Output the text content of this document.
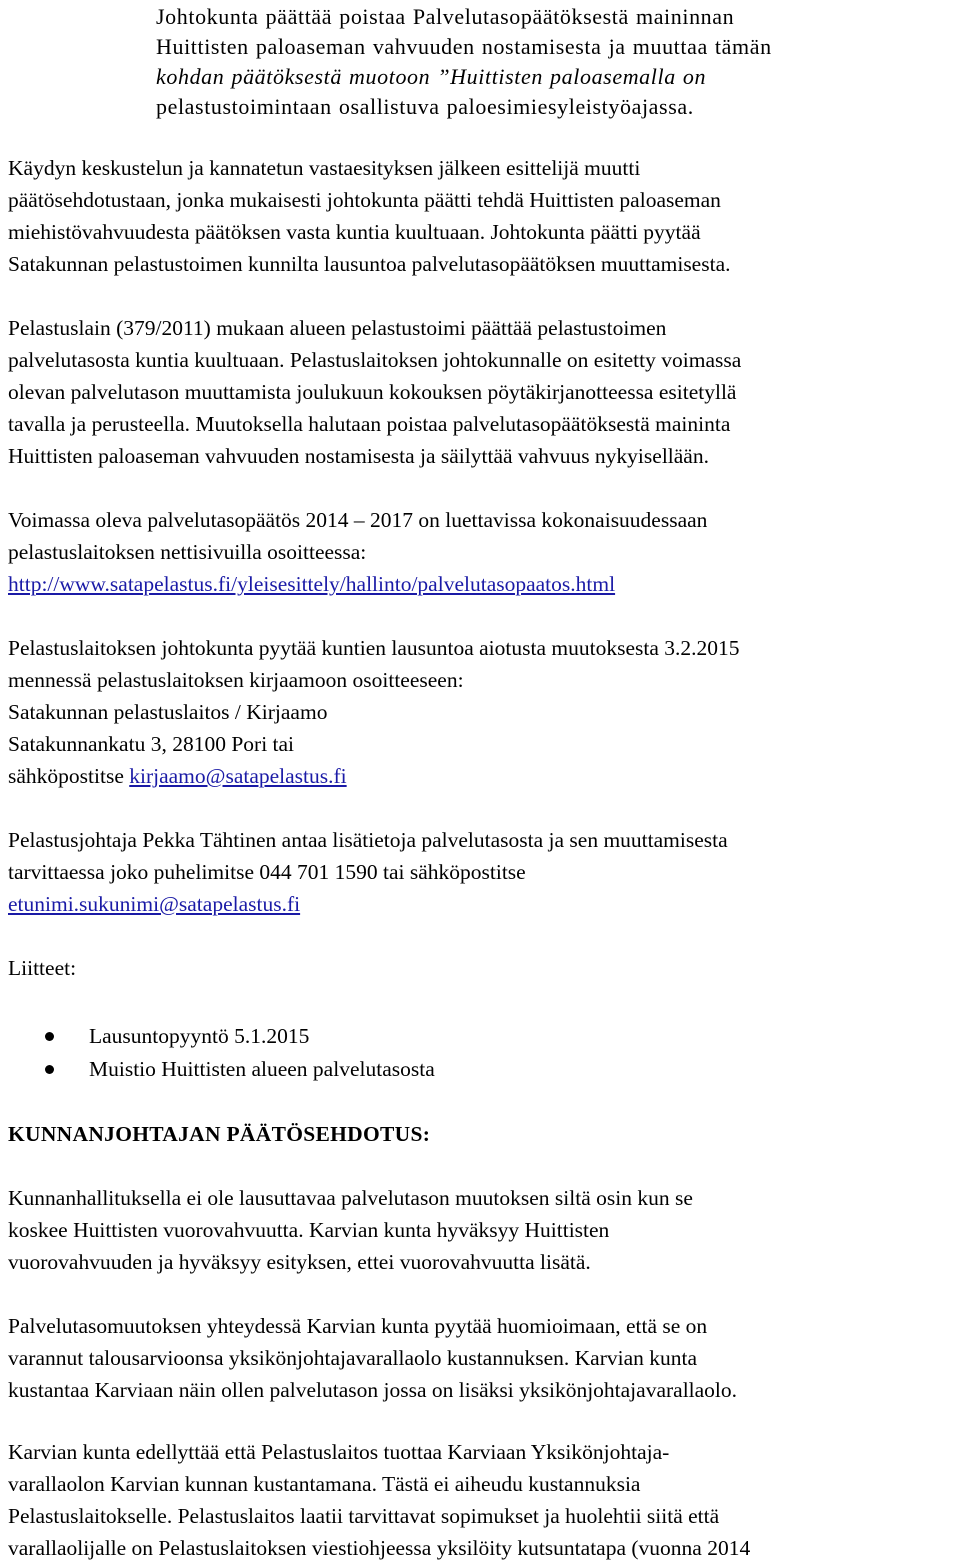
Johtokunta päättää poistaa Palvelutasopäätöksestä maininnan
Huittisten paloaseman vahvuuden nostamisesta ja muuttaa tämän
kohdan päätöksestä muotoon ”Huittisten paloasemalla on
pelastustoimintaan osallistuva paloesimiesyleistyöajassa.
Käydyn keskustelun ja kannatetun vastaesityksen jälkeen esittelijä muutti
päätösehdotustaan, jonka mukaisesti johtokunta päätti tehdä Huittisten paloaseman
miehistövahvuudesta päätöksen vasta kuntia kuultuaan. Johtokunta päätti pyytää
Satakunnan pelastustoimen kunnilta lausuntoa palvelutasopäätöksen muuttamisesta.
Pelastuslain (379/2011) mukaan alueen pelastustoimi päättää pelastustoimen
palvelutasosta kuntia kuultuaan. Pelastuslaitoksen johtokunnalle on esitetty voimassa
olevan palvelutason muuttamista joulukuun kokouksen pöytäkirjanotteessa esitetyllä
tavalla ja perusteella. Muutoksella halutaan poistaa palvelutasopäätöksestä maininta
Huittisten paloaseman vahvuuden nostamisesta ja säilyttää vahvuus nykyisellään.
Voimassa oleva palvelutasopäätös 2014 – 2017 on luettavissa kokonaisuudessaan
pelastuslaitoksen nettisivuilla osoitteessa:
http://www.satapelastus.fi/yleisesittely/hallinto/palvelutasopaatos.html
Pelastuslaitoksen johtokunta pyytää kuntien lausuntoa aiotusta muutoksesta 3.2.2015
mennessä pelastuslaitoksen kirjaamoon osoitteeseen:
Satakunnan pelastuslaitos / Kirjaamo
Satakunnankatu 3, 28100 Pori tai
sähköpostitse kirjaamo@satapelastus.fi
Pelastusjohtaja Pekka Tähtinen antaa lisätietoja palvelutasosta ja sen muuttamisesta
tarvittaessa joko puhelimitse 044 701 1590 tai sähköpostitse
etunimi.sukunimi@satapelastus.fi
Liitteet:
Lausuntopyyntö 5.1.2015
Muistio Huittisten alueen palvelutasosta
KUNNANJOHTAJAN PÄÄTÖSEHDOTUS:
Kunnanhallituksella ei ole lausuttavaa palvelutason muutoksen siltä osin kun se
koskee Huittisten vuorovahvuutta. Karvian kunta hyväksyy Huittisten
vuorovahvuuden ja hyväksyy esityksen, ettei vuorovahvuutta lisätä.
Palvelutasomuutoksen yhteydessä Karvian kunta pyytää huomioimaan, että se on
varannut talousarvioonsa yksikönjohtajavarallaolo kustannuksen. Karvian kunta
kustantaa Karviaan näin ollen palvelutason jossa on lisäksi yksikönjohtajavarallaolo.
Karvian kunta edellyttää että Pelastuslaitos tuottaa Karviaan Yksikönjohtaja-
varallaolon Karvian kunnan kustantamana. Tästä ei aiheudu kustannuksia
Pelastuslaitokselle. Pelastuslaitos laatii tarvittavat sopimukset ja huolehtii siitä että
varallaolijalle on Pelastuslaitoksen viestiohjeessa yksilöity kutsuntatapa (vuonna 2014
